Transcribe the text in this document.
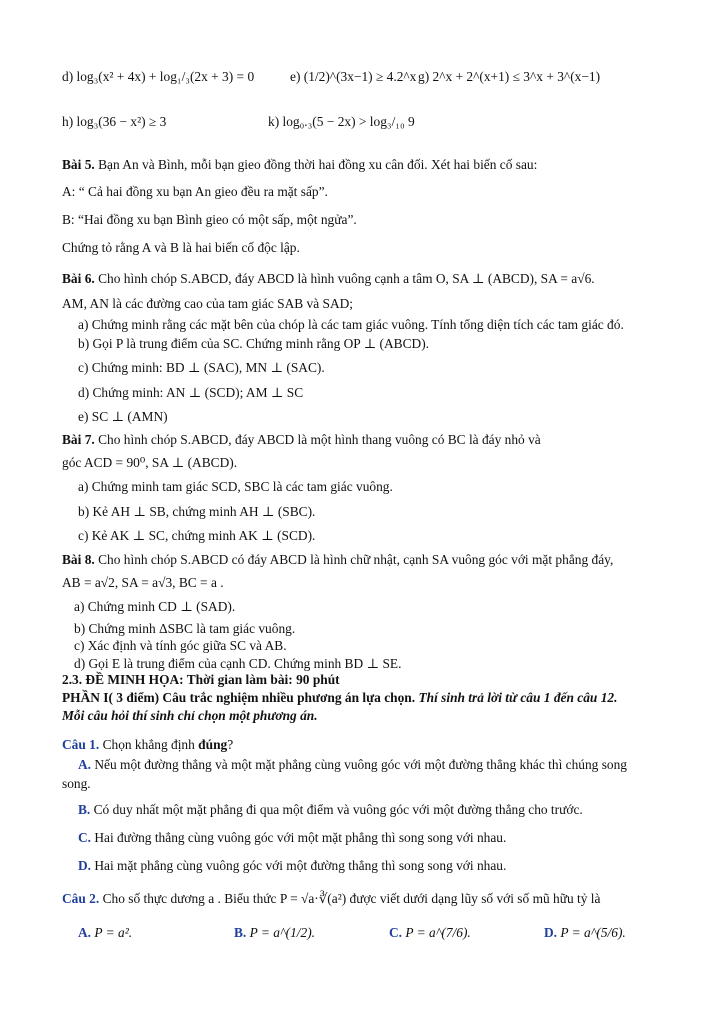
d) log₃(x² + 4x) + log₁/₃(2x + 3) = 0	e) (1/2)^(3x−1) ≥ 4.2^x g) 2^x + 2^(x+1) ≤ 3^x + 3^(x−1)
h) log₃(36 − x²) ≥ 3	k) log₀.₃(5 − 2x) > log₃/₁₀ 9
Bài 5. Bạn An và Bình, mỗi bạn gieo đồng thời hai đồng xu cân đối. Xét hai biến cố sau:
A: “ Cả hai đồng xu bạn An gieo đều ra mặt sấp”.
B: “Hai đồng xu bạn Bình gieo có một sấp, một ngửa”.
Chứng tỏ rằng A và B là hai biến cố độc lập.
Bài 6. Cho hình chóp S.ABCD, đáy ABCD là hình vuông cạnh a tâm O, SA ⊥ (ABCD), SA = a√6.
AM, AN là các đường cao của tam giác SAB và SAD;
a) Chứng minh rằng các mặt bên của chóp là các tam giác vuông. Tính tổng diện tích các tam giác đó.
b) Gọi P là trung điểm của SC. Chứng minh rằng OP ⊥ (ABCD).
c) Chứng minh: BD ⊥ (SAC), MN ⊥ (SAC).
d) Chứng minh: AN ⊥ (SCD); AM ⊥ SC
e) SC ⊥ (AMN)
Bài 7. Cho hình chóp S.ABCD, đáy ABCD là một hình thang vuông có BC là đáy nhỏ và
góc ACD = 90⁰, SA ⊥ (ABCD).
a) Chứng minh tam giác SCD, SBC là các tam giác vuông.
b) Kẻ AH ⊥ SB, chứng minh AH ⊥ (SBC).
c) Kẻ AK ⊥ SC, chứng minh AK ⊥ (SCD).
Bài 8. Cho hình chóp S.ABCD có đáy ABCD là hình chữ nhật, cạnh SA vuông góc với mặt phẳng đáy,
AB = a√2, SA = a√3, BC = a .
a) Chứng minh CD ⊥ (SAD).
b) Chứng minh ΔSBC là tam giác vuông.
c) Xác định và tính góc giữa SC và AB.
d) Gọi E là trung điểm của cạnh CD. Chứng minh BD ⊥ SE.
2.3. ĐỀ MINH HỌA: Thời gian làm bài: 90 phút
PHẦN I( 3 điểm) Câu trắc nghiệm nhiều phương án lựa chọn. Thí sinh trả lời từ câu 1 đến câu 12.
Mỗi câu hỏi thí sinh chỉ chọn một phương án.
Câu 1. Chọn khẳng định đúng?
A. Nếu một đường thẳng và một mặt phẳng cùng vuông góc với một đường thẳng khác thì chúng song
song.
B. Có duy nhất một mặt phẳng đi qua một điểm và vuông góc với một đường thẳng cho trước.
C. Hai đường thẳng cùng vuông góc với một mặt phẳng thì song song với nhau.
D. Hai mặt phẳng cùng vuông góc với một đường thẳng thì song song với nhau.
Câu 2. Cho số thực dương a . Biểu thức P = √a·∛(a²) được viết dưới dạng lũy số với số mũ hữu tỷ là
A. P = a².	B. P = a^(1/2).	C. P = a^(7/6).	D. P = a^(5/6).
